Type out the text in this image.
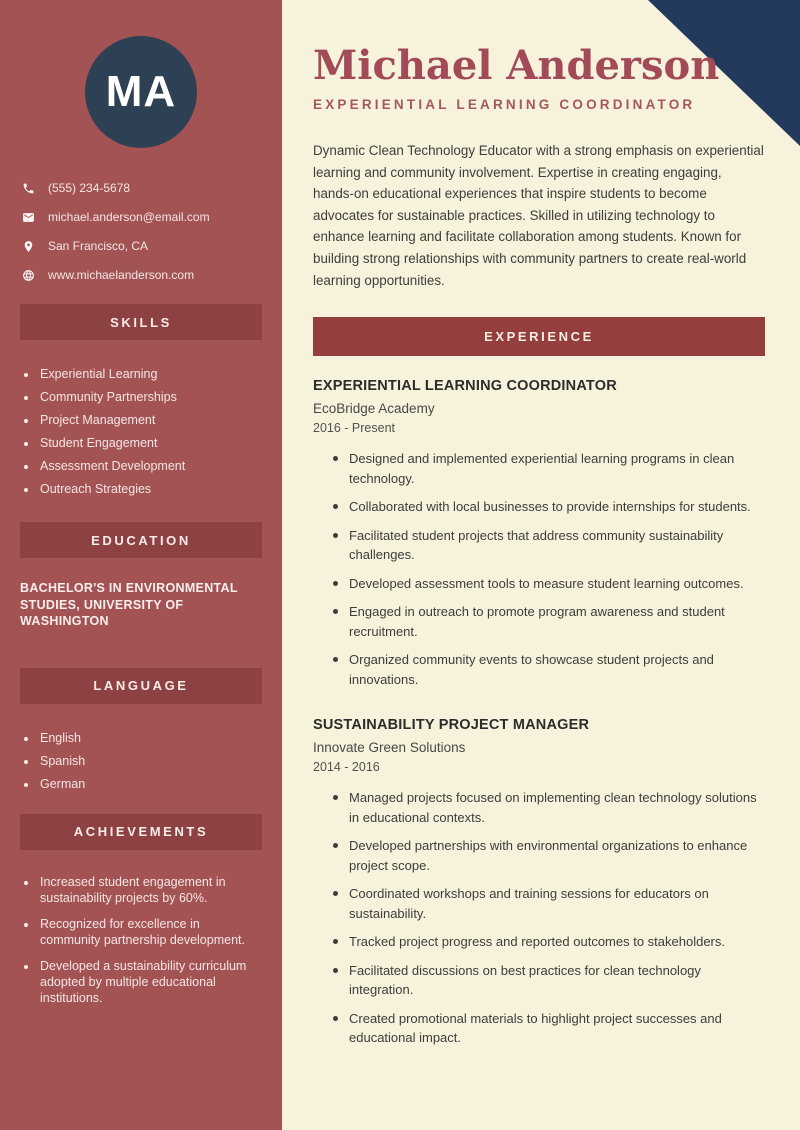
MA
(555) 234-5678
michael.anderson@email.com
San Francisco, CA
www.michaelanderson.com
SKILLS
Experiential Learning
Community Partnerships
Project Management
Student Engagement
Assessment Development
Outreach Strategies
EDUCATION
BACHELOR'S IN ENVIRONMENTAL STUDIES, UNIVERSITY OF WASHINGTON
LANGUAGE
English
Spanish
German
ACHIEVEMENTS
Increased student engagement in sustainability projects by 60%.
Recognized for excellence in community partnership development.
Developed a sustainability curriculum adopted by multiple educational institutions.
Michael Anderson
EXPERIENTIAL LEARNING COORDINATOR

Dynamic Clean Technology Educator with a strong emphasis on experiential learning and community involvement. Expertise in creating engaging, hands-on educational experiences that inspire students to become advocates for sustainable practices. Skilled in utilizing technology to enhance learning and facilitate collaboration among students. Known for building strong relationships with community partners to create real-world learning opportunities.

EXPERIENCE
EXPERIENTIAL LEARNING COORDINATOR
EcoBridge Academy
2016 - Present
Designed and implemented experiential learning programs in clean technology.
Collaborated with local businesses to provide internships for students.
Facilitated student projects that address community sustainability challenges.
Developed assessment tools to measure student learning outcomes.
Engaged in outreach to promote program awareness and student recruitment.
Organized community events to showcase student projects and innovations.
SUSTAINABILITY PROJECT MANAGER
Innovate Green Solutions
2014 - 2016
Managed projects focused on implementing clean technology solutions in educational contexts.
Developed partnerships with environmental organizations to enhance project scope.
Coordinated workshops and training sessions for educators on sustainability.
Tracked project progress and reported outcomes to stakeholders.
Facilitated discussions on best practices for clean technology integration.
Created promotional materials to highlight project successes and educational impact.
